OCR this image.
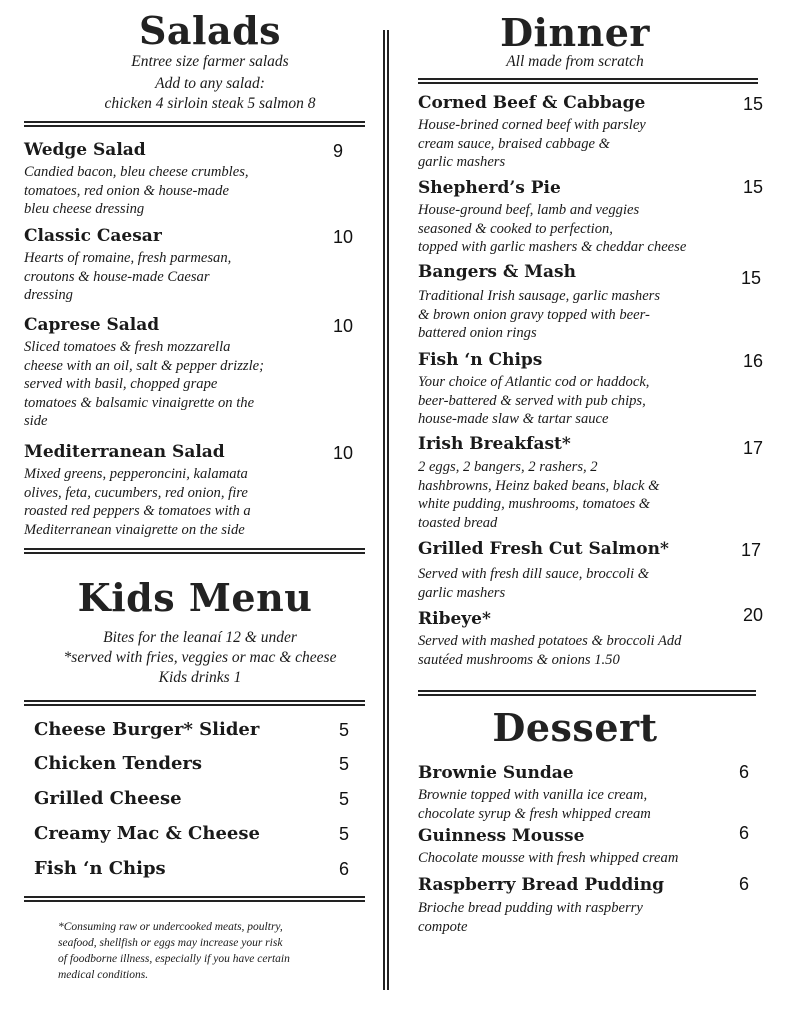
Salads
Entree size farmer salads
Add to any salad:
chicken 4 sirloin steak 5 salmon 8
Wedge Salad	9
Candied bacon, bleu cheese crumbles,
tomatoes, red onion & house-made
bleu cheese dressing
Classic Caesar	10
Hearts of romaine, fresh parmesan,
croutons & house-made Caesar
dressing
Caprese Salad	10
Sliced tomatoes & fresh mozzarella
cheese with an oil, salt & pepper drizzle;
served with basil, chopped grape
tomatoes & balsamic vinaigrette on the
side
Mediterranean Salad	10
Mixed greens, pepperoncini, kalamata
olives, feta, cucumbers, red onion, fire
roasted red peppers & tomatoes with a
Mediterranean vinaigrette on the side
Kids Menu
Bites for the leanaí 12 & under
*served with fries, veggies or mac & cheese
Kids drinks 1
Cheese Burger* Slider	5
Chicken Tenders	5
Grilled Cheese	5
Creamy Mac & Cheese	5
Fish ‘n Chips	6
*Consuming raw or undercooked meats, poultry,
seafood, shellfish or eggs may increase your risk
of foodborne illness, especially if you have certain
medical conditions.
Dinner
All made from scratch
Corned Beef & Cabbage	15
House-brined corned beef with parsley
cream sauce, braised cabbage &
garlic mashers
Shepherd’s Pie	15
House-ground beef, lamb and veggies
seasoned & cooked to perfection,
topped with garlic mashers & cheddar cheese
Bangers & Mash	15
Traditional Irish sausage, garlic mashers
& brown onion gravy topped with beer-
battered onion rings
Fish ‘n Chips	16
Your choice of Atlantic cod or haddock,
beer-battered & served with pub chips,
house-made slaw & tartar sauce
Irish Breakfast*	17
2 eggs, 2 bangers, 2 rashers, 2
hashbrowns, Heinz baked beans, black &
white pudding, mushrooms, tomatoes &
toasted bread
Grilled Fresh Cut Salmon*	17
Served with fresh dill sauce, broccoli &
garlic mashers
Ribeye*	20
Served with mashed potatoes & broccoli Add
sautéed mushrooms & onions 1.50
Dessert
Brownie Sundae	6
Brownie topped with vanilla ice cream,
chocolate syrup & fresh whipped cream
Guinness Mousse	6
Chocolate mousse with fresh whipped cream
Raspberry Bread Pudding	6
Brioche bread pudding with raspberry
compote
